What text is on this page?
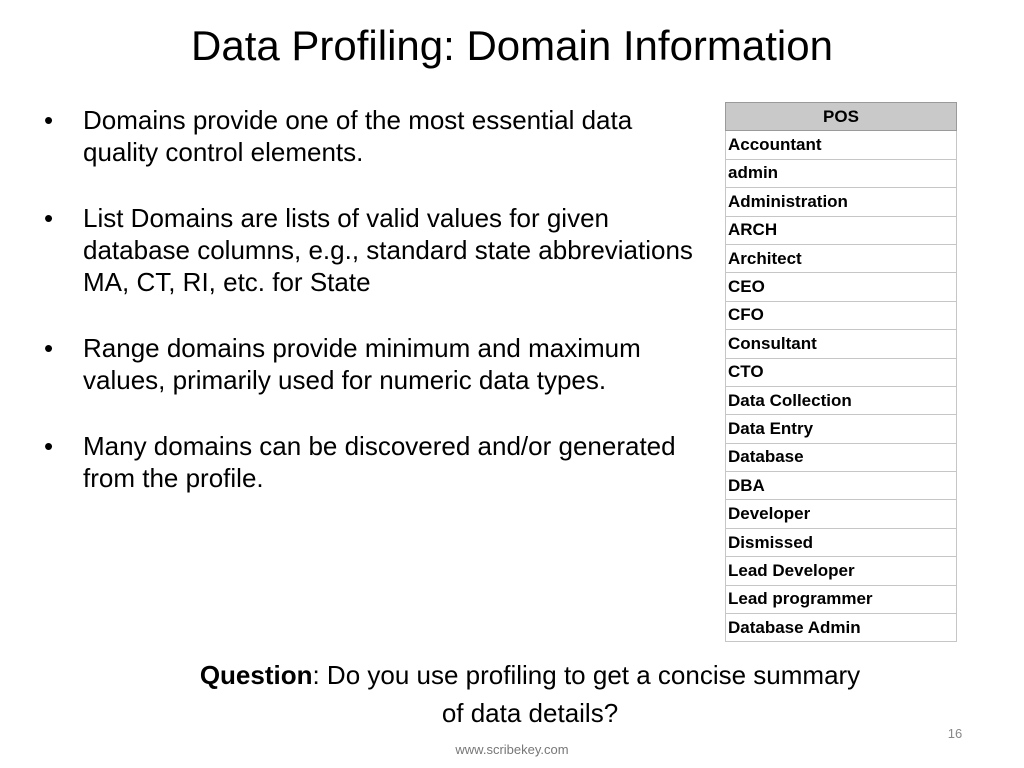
Data Profiling: Domain Information
•	Domains provide one of the most essential data quality control elements.
•	List Domains are lists of valid values for given database columns, e.g., standard state abbreviations MA, CT, RI, etc. for State
•	Range domains provide minimum and maximum values, primarily used for numeric data types.
•	Many domains can be discovered and/or generated from the profile.
POS
Accountant
admin
Administration
ARCH
Architect
CEO
CFO
Consultant
CTO
Data Collection
Data Entry
Database
DBA
Developer
Dismissed
Lead Developer
Lead programmer
Database Admin

Question: Do you use profiling to get a concise summary of data details?

16
www.scribekey.com
